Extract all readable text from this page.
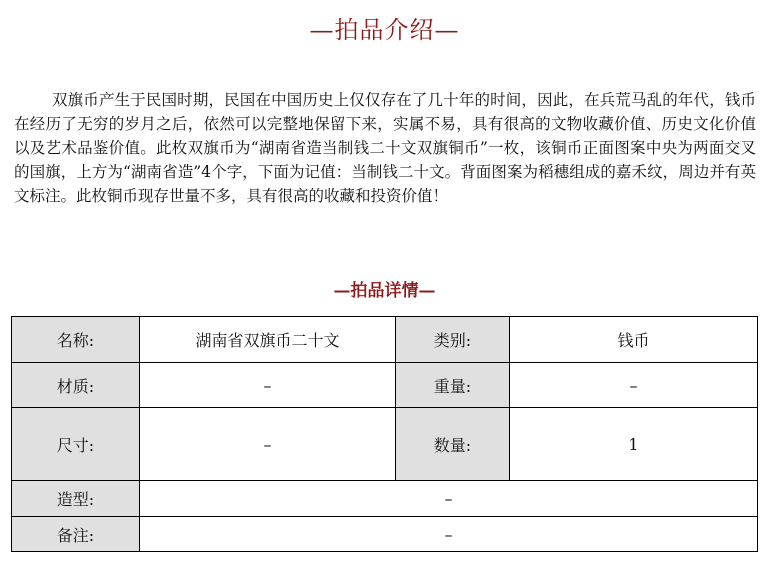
—拍品介绍—

双旗币产生于民国时期，民国在中国历史上仅仅存在了几十年的时间，因此，在兵荒马乱的年代，钱币在经历了无穷的岁月之后，依然可以完整地保留下来，实属不易，具有很高的文物收藏价值、历史文化价值以及艺术品鉴价值。此枚双旗币为“湖南省造当制钱二十文双旗铜币”一枚，该铜币正面图案中央为两面交叉的国旗，上方为“湖南省造”4个字，下面为记值：当制钱二十文。背面图案为稻穗组成的嘉禾纹，周边并有英文标注。此枚铜币现存世量不多，具有很高的收藏和投资价值！

—拍品详情—
名称:	湖南省双旗币二十文	类别:	钱币
材质:	–	重量:	–
尺寸:	–	数量:	1
造型:	–		
备注:	–		
